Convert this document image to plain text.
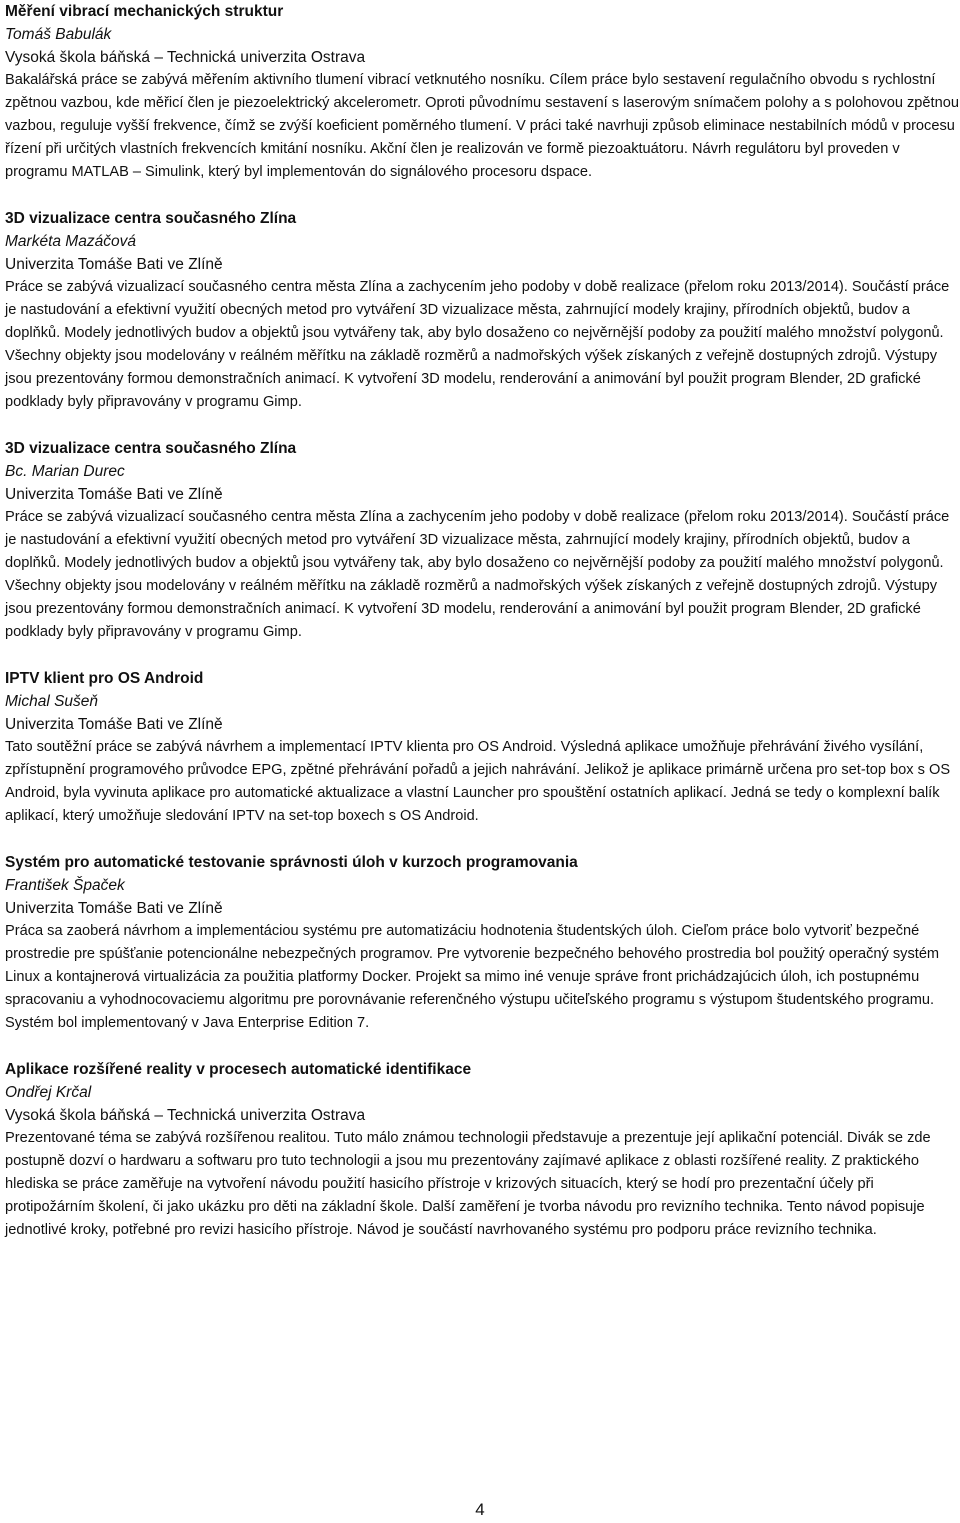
Měření vibrací mechanických struktur

Tomáš Babulák

Vysoká škola báňská – Technická univerzita Ostrava

Bakalářská práce se zabývá měřením aktivního tlumení vibrací vetknutého nosníku. Cílem práce bylo sestavení regulačního obvodu s rychlostní zpětnou vazbou, kde měřicí člen je piezoelektrický akcelerometr. Oproti původnímu sestavení s laserovým snímačem polohy a s polohovou zpětnou vazbou, reguluje vyšší frekvence, čímž se zvýší koeficient poměrného tlumení. V práci také navrhuji způsob eliminace nestabilních módů v procesu řízení při určitých vlastních frekvencích kmitání nosníku. Akční člen je realizován ve formě piezoaktuátoru. Návrh regulátoru byl proveden v programu MATLAB – Simulink, který byl implementován do signálového procesoru dspace.

3D vizualizace centra současného Zlína

Markéta Mazáčová

Univerzita Tomáše Bati ve Zlíně

Práce se zabývá vizualizací současného centra města Zlína a zachycením jeho podoby v době realizace (přelom roku 2013/2014). Součástí práce je nastudování a efektivní využití obecných metod pro vytváření 3D vizualizace města, zahrnující modely krajiny, přírodních objektů, budov a doplňků. Modely jednotlivých budov a objektů jsou vytvářeny tak, aby bylo dosaženo co nejvěrnější podoby za použití malého množství polygonů. Všechny objekty jsou modelovány v reálném měřítku na základě rozměrů a nadmořských výšek získaných z veřejně dostupných zdrojů. Výstupy jsou prezentovány formou demonstračních animací. K vytvoření 3D modelu, renderování a animování byl použit program Blender, 2D grafické podklady byly připravovány v programu Gimp.

3D vizualizace centra současného Zlína

Bc. Marian Durec

Univerzita Tomáše Bati ve Zlíně

Práce se zabývá vizualizací současného centra města Zlína a zachycením jeho podoby v době realizace (přelom roku 2013/2014). Součástí práce je nastudování a efektivní využití obecných metod pro vytváření 3D vizualizace města, zahrnující modely krajiny, přírodních objektů, budov a doplňků. Modely jednotlivých budov a objektů jsou vytvářeny tak, aby bylo dosaženo co nejvěrnější podoby za použití malého množství polygonů. Všechny objekty jsou modelovány v reálném měřítku na základě rozměrů a nadmořských výšek získaných z veřejně dostupných zdrojů. Výstupy jsou prezentovány formou demonstračních animací. K vytvoření 3D modelu, renderování a animování byl použit program Blender, 2D grafické podklady byly připravovány v programu Gimp.

IPTV klient pro OS Android

Michal Sušeň

Univerzita Tomáše Bati ve Zlíně

Tato soutěžní práce se zabývá návrhem a implementací IPTV klienta pro OS Android. Výsledná aplikace umožňuje přehrávání živého vysílání, zpřístupnění programového průvodce EPG, zpětné přehrávání pořadů a jejich nahrávání. Jelikož je aplikace primárně určena pro set-top box s OS Android, byla vyvinuta aplikace pro automatické aktualizace a vlastní Launcher pro spouštění ostatních aplikací. Jedná se tedy o komplexní balík aplikací, který umožňuje sledování IPTV na set-top boxech s OS Android.

Systém pro automatické testovanie správnosti úloh v kurzoch programovania

František Špaček

Univerzita Tomáše Bati ve Zlíně

Práca sa zaoberá návrhom a implementáciou systému pre automatizáciu hodnotenia študentských úloh. Cieľom práce bolo vytvoriť bezpečné prostredie pre spúšťanie potencionálne nebezpečných programov. Pre vytvorenie bezpečného behového prostredia bol použitý operačný systém Linux a kontajnerová virtualizácia za použitia platformy Docker. Projekt sa mimo iné venuje správe front prichádzajúcich úloh, ich postupnému spracovaniu a vyhodnocovaciemu algoritmu pre porovnávanie referenčného výstupu učiteľského programu s výstupom študentského programu. Systém bol implementovaný v Java Enterprise Edition 7.

Aplikace rozšířené reality v procesech automatické identifikace

Ondřej Krčal

Vysoká škola báňská – Technická univerzita Ostrava

Prezentované téma se zabývá rozšířenou realitou. Tuto málo známou technologii představuje a prezentuje její aplikační potenciál. Divák se zde postupně dozví o hardwaru a softwaru pro tuto technologii a jsou mu prezentovány zajímavé aplikace z oblasti rozšířené reality. Z praktického hlediska se práce zaměřuje na vytvoření návodu použití hasicího přístroje v krizových situacích, který se hodí pro prezentační účely při protipožárním školení, či jako ukázku pro děti na základní škole. Další zaměření je tvorba návodu pro revizního technika. Tento návod popisuje jednotlivé kroky, potřebné pro revizi hasicího přístroje. Návod je součástí navrhovaného systému pro podporu práce revizního technika.

4
